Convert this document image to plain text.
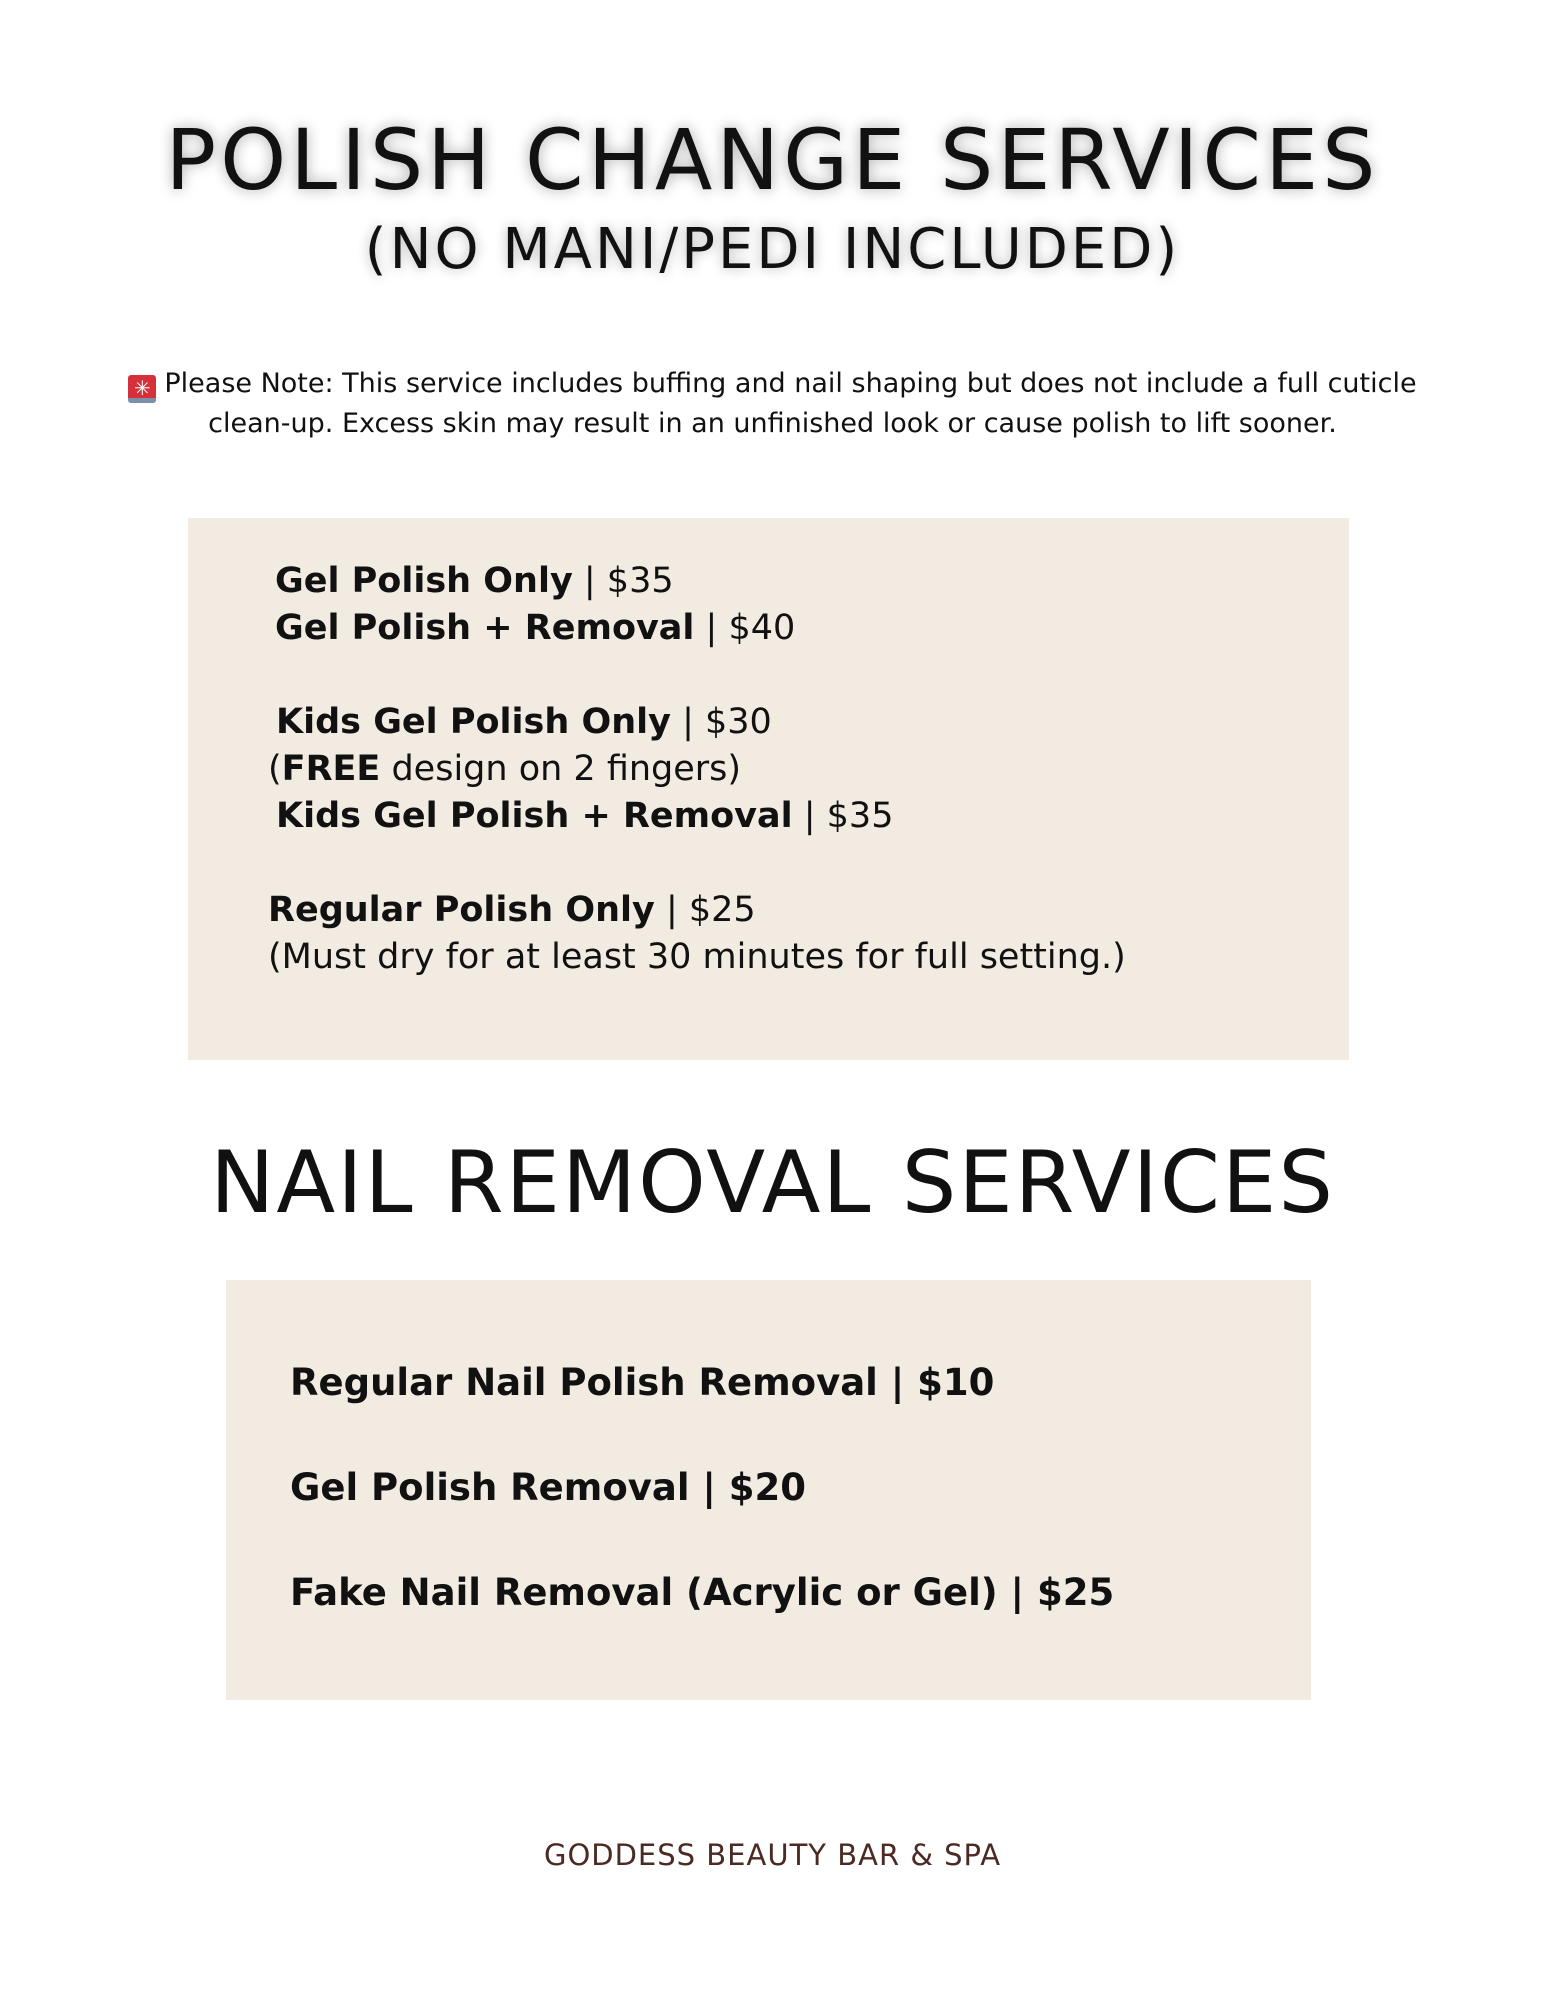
POLISH CHANGE SERVICES
(NO MANI/PEDI INCLUDED)
✳ Please Note: This service includes buffing and nail shaping but does not include a full cuticle
clean-up. Excess skin may result in an unfinished look or cause polish to lift sooner.
Gel Polish Only | $35
Gel Polish + Removal | $40
Kids Gel Polish Only | $30
(FREE design on 2 fingers)
Kids Gel Polish + Removal | $35
Regular Polish Only | $25
(Must dry for at least 30 minutes for full setting.)
NAIL REMOVAL SERVICES
Regular Nail Polish Removal | $10
Gel Polish Removal | $20
Fake Nail Removal (Acrylic or Gel) | $25
GODDESS BEAUTY BAR & SPA
